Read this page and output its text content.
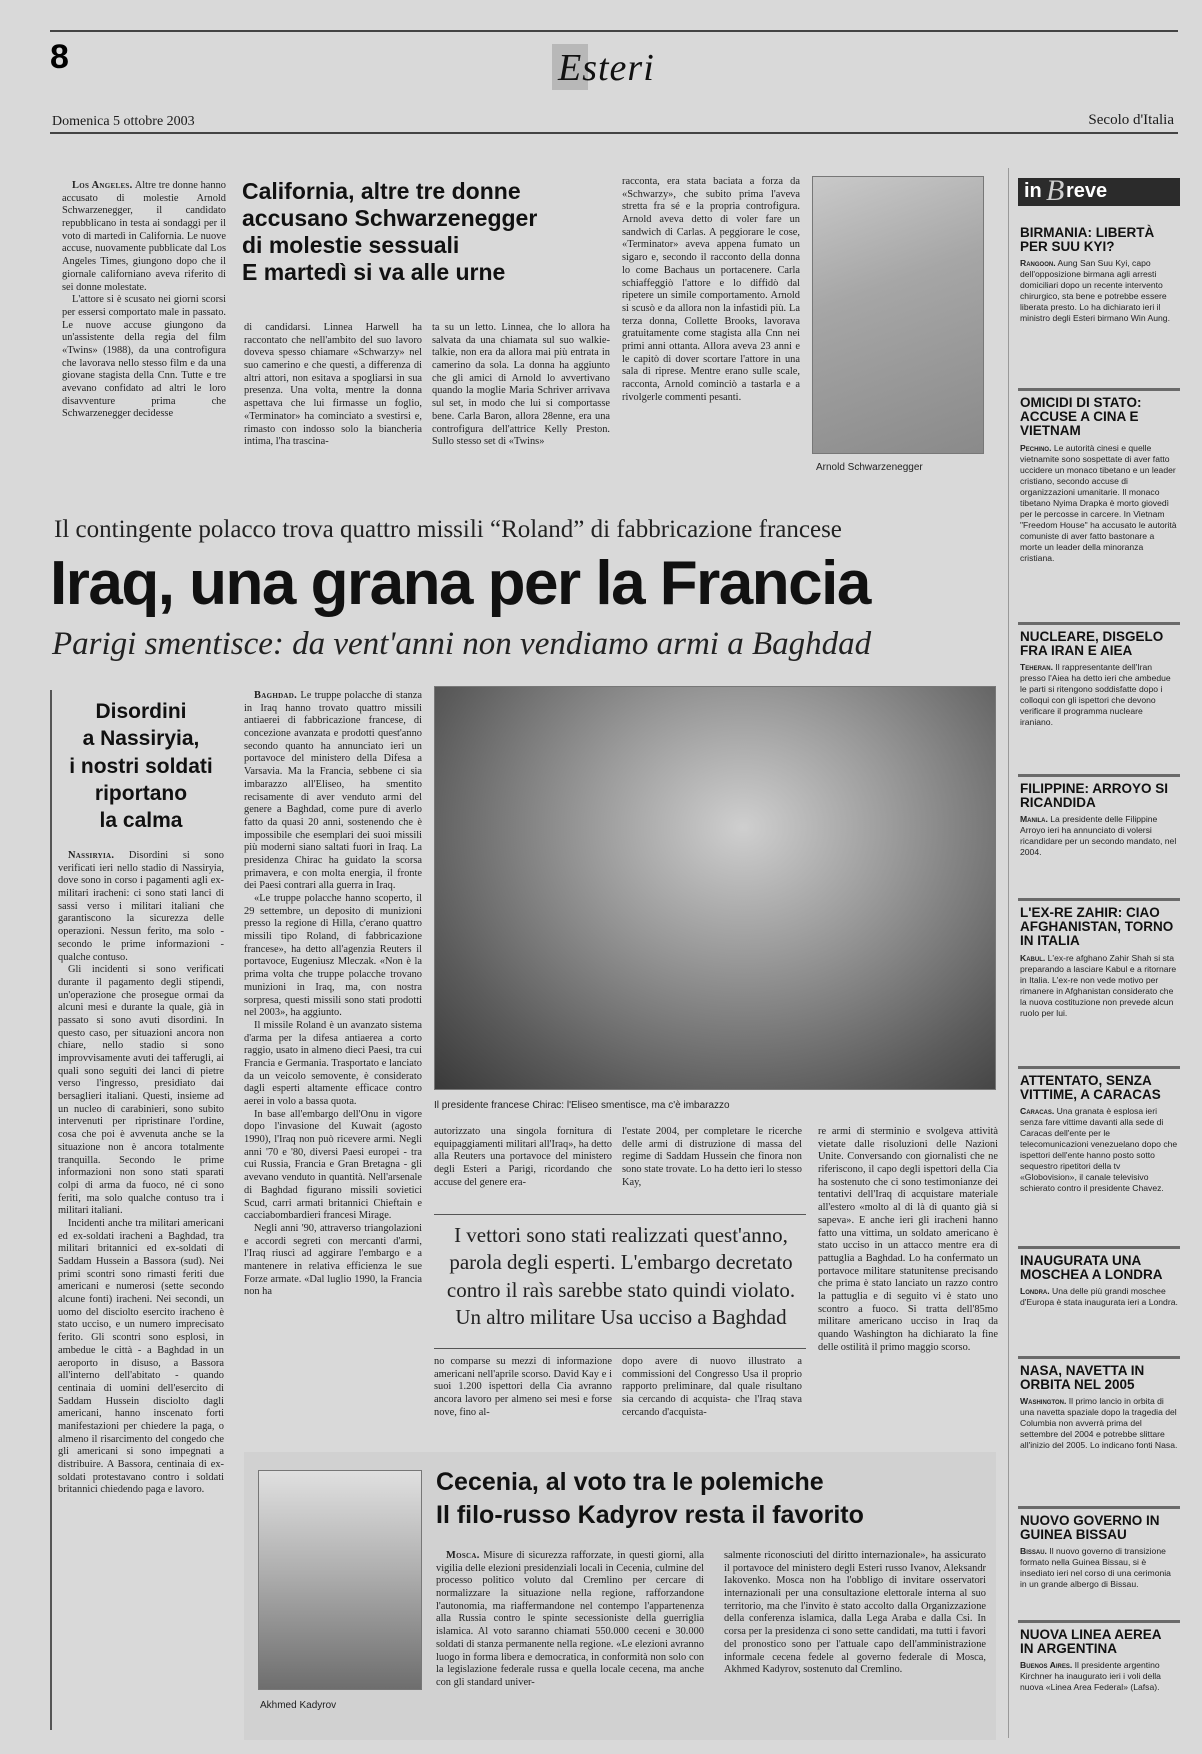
8	Esteri
Domenica 5 ottobre 2003	Secolo d'Italia

Los Angeles. Altre tre donne hanno accusato di molestie Arnold Schwarzenegger, il candidato repubblicano in testa ai sondaggi per il voto di martedì in California. Le nuove accuse, nuovamente pubblicate dal Los Angeles Times, giungono dopo che il giornale californiano aveva riferito di sei donne molestate.

L'attore si è scusato nei giorni scorsi per essersi comportato male in passato. Le nuove accuse giungono da un'assistente della regia del film «Twins» (1988), da una controfigura che lavorava nello stesso film e da una giovane stagista della Cnn. Tutte e tre avevano confidato ad altri le loro disavventure prima che Schwarzenegger decidesse

California, altre tre donne
accusano Schwarzenegger
di molestie sessuali
E martedì si va alle urne
di candidarsi. Linnea Harwell ha raccontato che nell'ambito del suo lavoro doveva spesso chiamare «Schwarzy» nel suo camerino e che questi, a differenza di altri attori, non esitava a spogliarsi in sua presenza. Una volta, mentre la donna aspettava che lui firmasse un foglio, «Terminator» ha cominciato a svestirsi e, rimasto con indosso solo la biancheria intima, l'ha trascina-
ta su un letto. Linnea, che lo allora ha salvata da una chiamata sul suo walkie-talkie, non era da allora mai più entrata in camerino da sola. La donna ha aggiunto che gli amici di Arnold lo avvertivano quando la moglie Maria Schriver arrivava sul set, in modo che lui si comportasse bene. Carla Baron, allora 28enne, era una controfigura dell'attrice Kelly Preston. Sullo stesso set di «Twins»
racconta, era stata baciata a forza da «Schwarzy», che subito prima l'aveva stretta fra sé e la propria controfigura. Arnold aveva detto di voler fare un sandwich di Carlas. A peggiorare le cose, «Terminator» aveva appena fumato un sigaro e, secondo il racconto della donna lo come Bachaus un portacenere. Carla schiaffeggiò l'attore e lo diffidò dal ripetere un simile comportamento. Arnold si scusò e da allora non la infastidì più. La terza donna, Collette Brooks, lavorava gratuitamente come stagista alla Cnn nei primi anni ottanta. Allora aveva 23 anni e le capitò di dover scortare l'attore in una sala di riprese. Mentre erano sulle scale, racconta, Arnold cominciò a tastarla e a rivolgerle commenti pesanti.
Arnold Schwarzenegger
Il contingente polacco trova quattro missili “Roland” di fabbricazione francese
Iraq, una grana per la Francia
Parigi smentisce: da vent'anni non vendiamo armi a Baghdad
Disordini
a Nassiryia,
i nostri soldati
riportano
la calma

Nassiryia. Disordini si sono verificati ieri nello stadio di Nassiryia, dove sono in corso i pagamenti agli ex-militari iracheni: ci sono stati lanci di sassi verso i militari italiani che garantiscono la sicurezza delle operazioni. Nessun ferito, ma solo - secondo le prime informazioni - qualche contuso.

Gli incidenti si sono verificati durante il pagamento degli stipendi, un'operazione che prosegue ormai da alcuni mesi e durante la quale, già in passato si sono avuti disordini. In questo caso, per situazioni ancora non chiare, nello stadio si sono improvvisamente avuti dei tafferugli, ai quali sono seguiti dei lanci di pietre verso l'ingresso, presidiato dai bersaglieri italiani. Questi, insieme ad un nucleo di carabinieri, sono subito intervenuti per ripristinare l'ordine, cosa che poi è avvenuta anche se la situazione non è ancora totalmente tranquilla. Secondo le prime informazioni non sono stati sparati colpi di arma da fuoco, né ci sono feriti, ma solo qualche contuso tra i militari italiani.

Incidenti anche tra militari americani ed ex-soldati iracheni a Baghdad, tra militari britannici ed ex-soldati di Saddam Hussein a Bassora (sud). Nei primi scontri sono rimasti feriti due americani e numerosi (sette secondo alcune fonti) iracheni. Nei secondi, un uomo del disciolto esercito iracheno è stato ucciso, e un numero imprecisato ferito. Gli scontri sono esplosi, in ambedue le città - a Baghdad in un aeroporto in disuso, a Bassora all'interno dell'abitato - quando centinaia di uomini dell'esercito di Saddam Hussein disciolto dagli americani, hanno inscenato forti manifestazioni per chiedere la paga, o almeno il risarcimento del congedo che gli americani si sono impegnati a distribuire. A Bassora, centinaia di ex-soldati protestavano contro i soldati britannici chiedendo paga e lavoro.

Baghdad. Le truppe polacche di stanza in Iraq hanno trovato quattro missili antiaerei di fabbricazione francese, di concezione avanzata e prodotti quest'anno secondo quanto ha annunciato ieri un portavoce del ministero della Difesa a Varsavia. Ma la Francia, sebbene ci sia imbarazzo all'Eliseo, ha smentito recisamente di aver venduto armi del genere a Baghdad, come pure di averlo fatto da quasi 20 anni, sostenendo che è impossibile che esemplari dei suoi missili più moderni siano saltati fuori in Iraq. La presidenza Chirac ha guidato la scorsa primavera, e con molta energia, il fronte dei Paesi contrari alla guerra in Iraq.

«Le truppe polacche hanno scoperto, il 29 settembre, un deposito di munizioni presso la regione di Hilla, c'erano quattro missili tipo Roland, di fabbricazione francese», ha detto all'agenzia Reuters il portavoce, Eugeniusz Mleczak. «Non è la prima volta che truppe polacche trovano munizioni in Iraq, ma, con nostra sorpresa, questi missili sono stati prodotti nel 2003», ha aggiunto.

Il missile Roland è un avanzato sistema d'arma per la difesa antiaerea a corto raggio, usato in almeno dieci Paesi, tra cui Francia e Germania. Trasportato e lanciato da un veicolo semovente, è considerato dagli esperti altamente efficace contro aerei in volo a bassa quota.

In base all'embargo dell'Onu in vigore dopo l'invasione del Kuwait (agosto 1990), l'Iraq non può ricevere armi. Negli anni '70 e '80, diversi Paesi europei - tra cui Russia, Francia e Gran Bretagna - gli avevano venduto in quantità. Nell'arsenale di Baghdad figurano missili sovietici Scud, carri armati britannici Chieftain e cacciabombardieri francesi Mirage.

Negli anni '90, attraverso triangolazioni e accordi segreti con mercanti d'armi, l'Iraq riuscì ad aggirare l'embargo e a mantenere in relativa efficienza le sue Forze armate. «Dal luglio 1990, la Francia non ha

Il presidente francese Chirac: l'Eliseo smentisce, ma c'è imbarazzo
autorizzato una singola fornitura di equipaggiamenti militari all'Iraq», ha detto alla Reuters una portavoce del ministero degli Esteri a Parigi, ricordando che accuse del genere era-
l'estate 2004, per completare le ricerche delle armi di distruzione di massa del regime di Saddam Hussein che finora non sono state trovate. Lo ha detto ieri lo stesso Kay,
re armi di sterminio e svolgeva attività vietate dalle risoluzioni delle Nazioni Unite. Conversando con giornalisti che ne riferiscono, il capo degli ispettori della Cia ha sostenuto che ci sono testimonianze dei tentativi dell'Iraq di acquistare materiale all'estero «molto al di là di quanto già si sapeva». E anche ieri gli iracheni hanno fatto una vittima, un soldato americano è stato ucciso in un attacco mentre era di pattuglia a Baghdad. Lo ha confermato un portavoce militare statunitense precisando che prima è stato lanciato un razzo contro la pattuglia e di seguito vi è stato uno scontro a fuoco. Si tratta dell'85mo militare americano ucciso in Iraq da quando Washington ha dichiarato la fine delle ostilità il primo maggio scorso.
I vettori sono stati realizzati quest'anno,
parola degli esperti. L'embargo decretato
contro il raìs sarebbe stato quindi violato.
Un altro militare Usa ucciso a Baghdad
no comparse su mezzi di informazione americani nell'aprile scorso. David Kay e i suoi 1.200 ispettori della Cia avranno ancora lavoro per almeno sei mesi e forse nove, fino al-
dopo avere di nuovo illustrato a commissioni del Congresso Usa il proprio rapporto preliminare, dal quale risultano sia cercando di acquista- che l'Iraq stava cercando d'acquista-
Akhmed Kadyrov
Cecenia, al voto tra le polemiche
Il filo-russo Kadyrov resta il favorito

Mosca. Misure di sicurezza rafforzate, in questi giorni, alla vigilia delle elezioni presidenziali locali in Cecenia, culmine del processo politico voluto dal Cremlino per cercare di normalizzare la situazione nella regione, rafforzandone l'autonomia, ma riaffermandone nel contempo l'appartenenza alla Russia contro le spinte secessioniste della guerriglia islamica. Al voto saranno chiamati 550.000 ceceni e 30.000 soldati di stanza permanente nella regione. «Le elezioni avranno luogo in forma libera e democratica, in conformità non solo con la legislazione federale russa e quella locale cecena, ma anche con gli standard univer-

salmente riconosciuti del diritto internazionale», ha assicurato il portavoce del ministero degli Esteri russo Ivanov, Aleksandr Iakovenko. Mosca non ha l'obbligo di invitare osservatori internazionali per una consultazione elettorale interna al suo territorio, ma che l'invito è stato accolto dalla Organizzazione della conferenza islamica, dalla Lega Araba e dalla Csi. In corsa per la presidenza ci sono sette candidati, ma tutti i favori del pronostico sono per l'attuale capo dell'amministrazione informale cecena fedele al governo federale di Mosca, Akhmed Kadyrov, sostenuto dal Cremlino.
in B reve
BIRMANIA: LIBERTÀ PER SUU KYI?
Rangoon. Aung San Suu Kyi, capo dell'opposizione birmana agli arresti domiciliari dopo un recente intervento chirurgico, sta bene e potrebbe essere liberata presto. Lo ha dichiarato ieri il ministro degli Esteri birmano Win Aung.
OMICIDI DI STATO: ACCUSE A CINA E VIETNAM
Pechino. Le autorità cinesi e quelle vietnamite sono sospettate di aver fatto uccidere un monaco tibetano e un leader cristiano, secondo accuse di organizzazioni umanitarie. Il monaco tibetano Nyima Drapka è morto giovedì per le percosse in carcere. In Vietnam "Freedom House" ha accusato le autorità comuniste di aver fatto bastonare a morte un leader della minoranza cristiana.
NUCLEARE, DISGELO FRA IRAN E AIEA
Teheran. Il rappresentante dell'Iran presso l'Aiea ha detto ieri che ambedue le parti si ritengono soddisfatte dopo i colloqui con gli ispettori che devono verificare il programma nucleare iraniano.
FILIPPINE: ARROYO SI RICANDIDA
Manila. La presidente delle Filippine Arroyo ieri ha annunciato di volersi ricandidare per un secondo mandato, nel 2004.
L'EX-RE ZAHIR: CIAO AFGHANISTAN, TORNO IN ITALIA
Kabul. L'ex-re afghano Zahir Shah si sta preparando a lasciare Kabul e a ritornare in Italia. L'ex-re non vede motivo per rimanere in Afghanistan considerato che la nuova costituzione non prevede alcun ruolo per lui.
ATTENTATO, SENZA VITTIME, A CARACAS
Caracas. Una granata è esplosa ieri senza fare vittime davanti alla sede di Caracas dell'ente per le telecomunicazioni venezuelano dopo che ispettori dell'ente hanno posto sotto sequestro ripetitori della tv «Globovision», il canale televisivo schierato contro il presidente Chavez.
INAUGURATA UNA MOSCHEA A LONDRA
Londra. Una delle più grandi moschee d'Europa è stata inaugurata ieri a Londra.
NASA, NAVETTA IN ORBITA NEL 2005
Washington. Il primo lancio in orbita di una navetta spaziale dopo la tragedia del Columbia non avverrà prima del settembre del 2004 e potrebbe slittare all'inizio del 2005. Lo indicano fonti Nasa.
NUOVO GOVERNO IN GUINEA BISSAU
Bissau. Il nuovo governo di transizione formato nella Guinea Bissau, si è insediato ieri nel corso di una cerimonia in un grande albergo di Bissau.
NUOVA LINEA AEREA IN ARGENTINA
Buenos Aires. Il presidente argentino Kirchner ha inaugurato ieri i voli della nuova «Linea Area Federal» (Lafsa).
